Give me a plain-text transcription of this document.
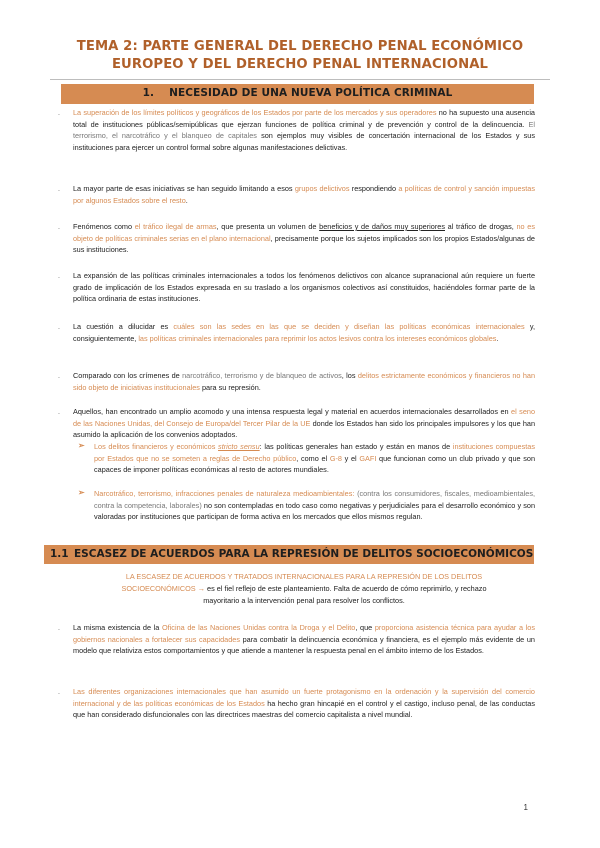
TEMA 2: PARTE GENERAL DEL DERECHO PENAL ECONÓMICO
EUROPEO Y DEL DERECHO PENAL INTERNACIONAL
1. NECESIDAD DE UNA NUEVA POLÍTICA CRIMINAL
. La superación de los límites políticos y geográficos de los Estados por parte de los mercados y sus operadores no ha supuesto una ausencia total de instituciones públicas/semipúblicas que ejerzan funciones de política criminal y de prevención y control de la delincuencia. El terrorismo, el narcotráfico y el blanqueo de capitales son ejemplos muy visibles de concertación internacional de los Estados y sus instituciones para ejercer un control formal sobre algunas manifestaciones delictivas.
. La mayor parte de esas iniciativas se han seguido limitando a esos grupos delictivos respondiendo a políticas de control y sanción impuestas por algunos Estados sobre el resto.
. Fenómenos como el tráfico ilegal de armas, que presenta un volumen de beneficios y de daños muy superiores al tráfico de drogas, no es objeto de políticas criminales serias en el plano internacional, precisamente porque los sujetos implicados son los propios Estados/algunas de sus instituciones.
. La expansión de las políticas criminales internacionales a todos los fenómenos delictivos con alcance supranacional aún requiere un fuerte grado de implicación de los Estados expresada en su traslado a los organismos colectivos así constituidos, haciéndoles formar parte de la política ordinaria de estas instituciones.
. La cuestión a dilucidar es cuáles son las sedes en las que se deciden y diseñan las políticas económicas internacionales y, consiguientemente, las políticas criminales internacionales para reprimir los actos lesivos contra los intereses económicos globales.
. Comparado con los crímenes de narcotráfico, terrorismo y de blanqueo de activos, los delitos estrictamente económicos y financieros no han sido objeto de iniciativas institucionales para su represión.
. Aquellos, han encontrado un amplio acomodo y una intensa respuesta legal y material en acuerdos internacionales desarrollados en el seno de las Naciones Unidas, del Consejo de Europa/del Tercer Pilar de la UE donde los Estados han sido los principales impulsores y los que han asumido la aplicación de los convenios adoptados.
➢ Los delitos financieros y económicos stricto sensu: las políticas generales han estado y están en manos de instituciones compuestas por Estados que no se someten a reglas de Derecho público, como el G-8 y el GAFI que funcionan como un club privado y que son capaces de imponer políticas económicas al resto de actores mundiales.
➢ Narcotráfico, terrorismo, infracciones penales de naturaleza medioambientales: (contra los consumidores, fiscales, medioambientales, contra la competencia, laborales) no son contempladas en todo caso como negativas y perjudiciales para el desarrollo económico y son valoradas por instituciones que participan de forma activa en los mercados que ellos mismos regulan.
1.1 ESCASEZ DE ACUERDOS PARA LA REPRESIÓN DE DELITOS SOCIOECONÓMICOS
LA ESCASEZ DE ACUERDOS Y TRATADOS INTERNACIONALES PARA LA REPRESIÓN DE LOS DELITOS
SOCIOECONÓMICOS → es el fiel reflejo de este planteamiento. Falta de acuerdo de cómo reprimirlo, y rechazo
mayoritario a la intervención penal para resolver los conflictos.
. La misma existencia de la Oficina de las Naciones Unidas contra la Droga y el Delito, que proporciona asistencia técnica para ayudar a los gobiernos nacionales a fortalecer sus capacidades para combatir la delincuencia económica y financiera, es el ejemplo más evidente de un modelo que relativiza estos comportamientos y que atiende a mantener la respuesta penal en el ámbito interno de los Estados.
. Las diferentes organizaciones internacionales que han asumido un fuerte protagonismo en la ordenación y la supervisión del comercio internacional y de las políticas económicas de los Estados ha hecho gran hincapié en el control y el castigo, incluso penal, de las conductas que han considerado disfuncionales con las directrices maestras del comercio capitalista a nivel mundial.
1
